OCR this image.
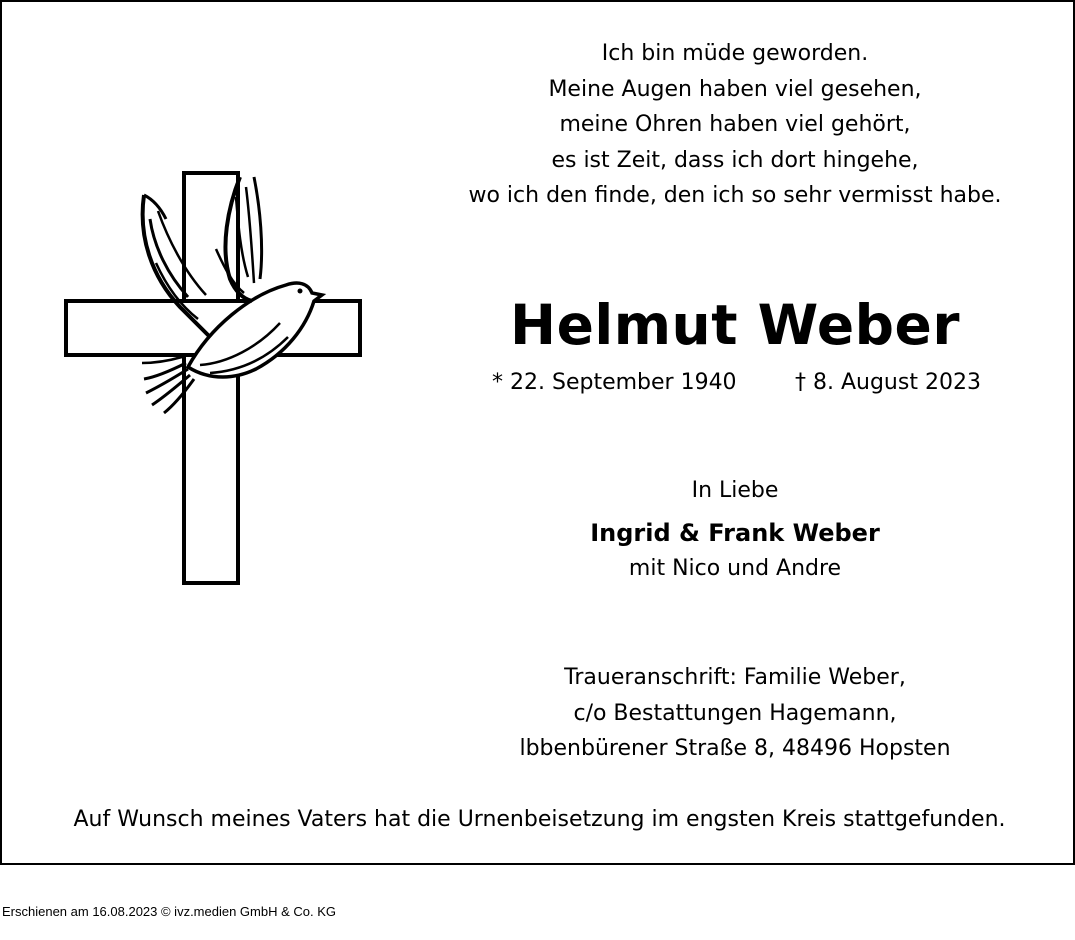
Ich bin müde geworden.
Meine Augen haben viel gesehen,
meine Ohren haben viel gehört,
es ist Zeit, dass ich dort hingehe,
wo ich den finde, den ich so sehr vermisst habe.
Helmut Weber
* 22. September 1940	† 8. August 2023
In Liebe
Ingrid & Frank Weber
mit Nico und Andre
Traueranschrift: Familie Weber,
c/o Bestattungen Hagemann,
lbbenbürener Straße 8, 48496 Hopsten
Auf Wunsch meines Vaters hat die Urnenbeisetzung im engsten Kreis stattgefunden.
Erschienen am 16.08.2023 © ivz.medien GmbH & Co. KG
